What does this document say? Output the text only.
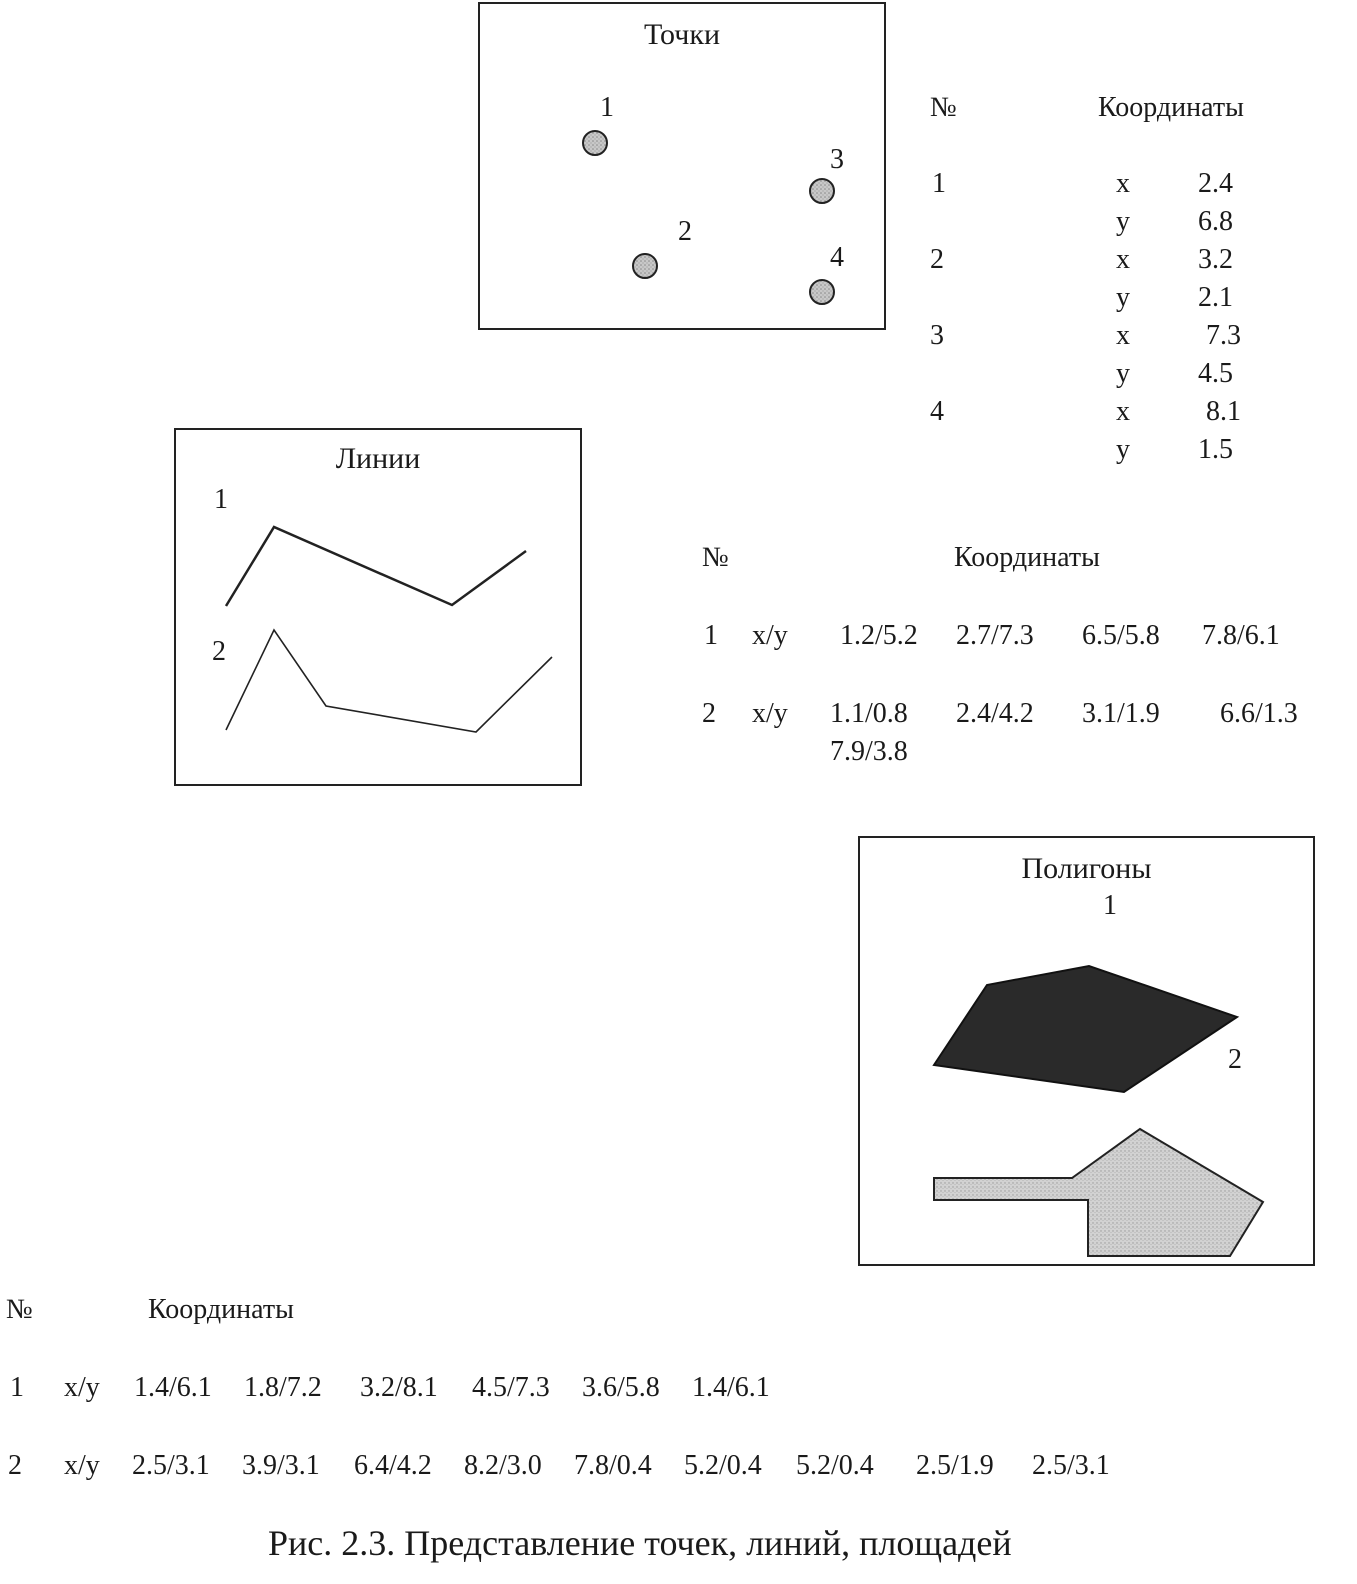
Точки
1
2
3
4
№	Координаты
1	x 2.4
y 6.8
2	x 3.2
y 2.1
3	x	7.3
y 4.5
4	x	8.1
y 1.5
Линии
1
2
№	Координаты
1 x/y 1.2/5.2 2.7/7.3 6.5/5.8 7.8/6.1
2 x/y 1.1/0.8 2.4/4.2 3.1/1.9 6.6/1.3
7.9/3.8
Полигоны
1
2
№	Координаты
1 x/y 1.4/6.1 1.8/7.2 3.2/8.1 4.5/7.3 3.6/5.8 1.4/6.1
2 x/y 2.5/3.1 3.9/3.1 6.4/4.2 8.2/3.0 7.8/0.4 5.2/0.4 5.2/0.4 2.5/1.9 2.5/3.1
Рис. 2.3. Представление точек, линий, площадей
